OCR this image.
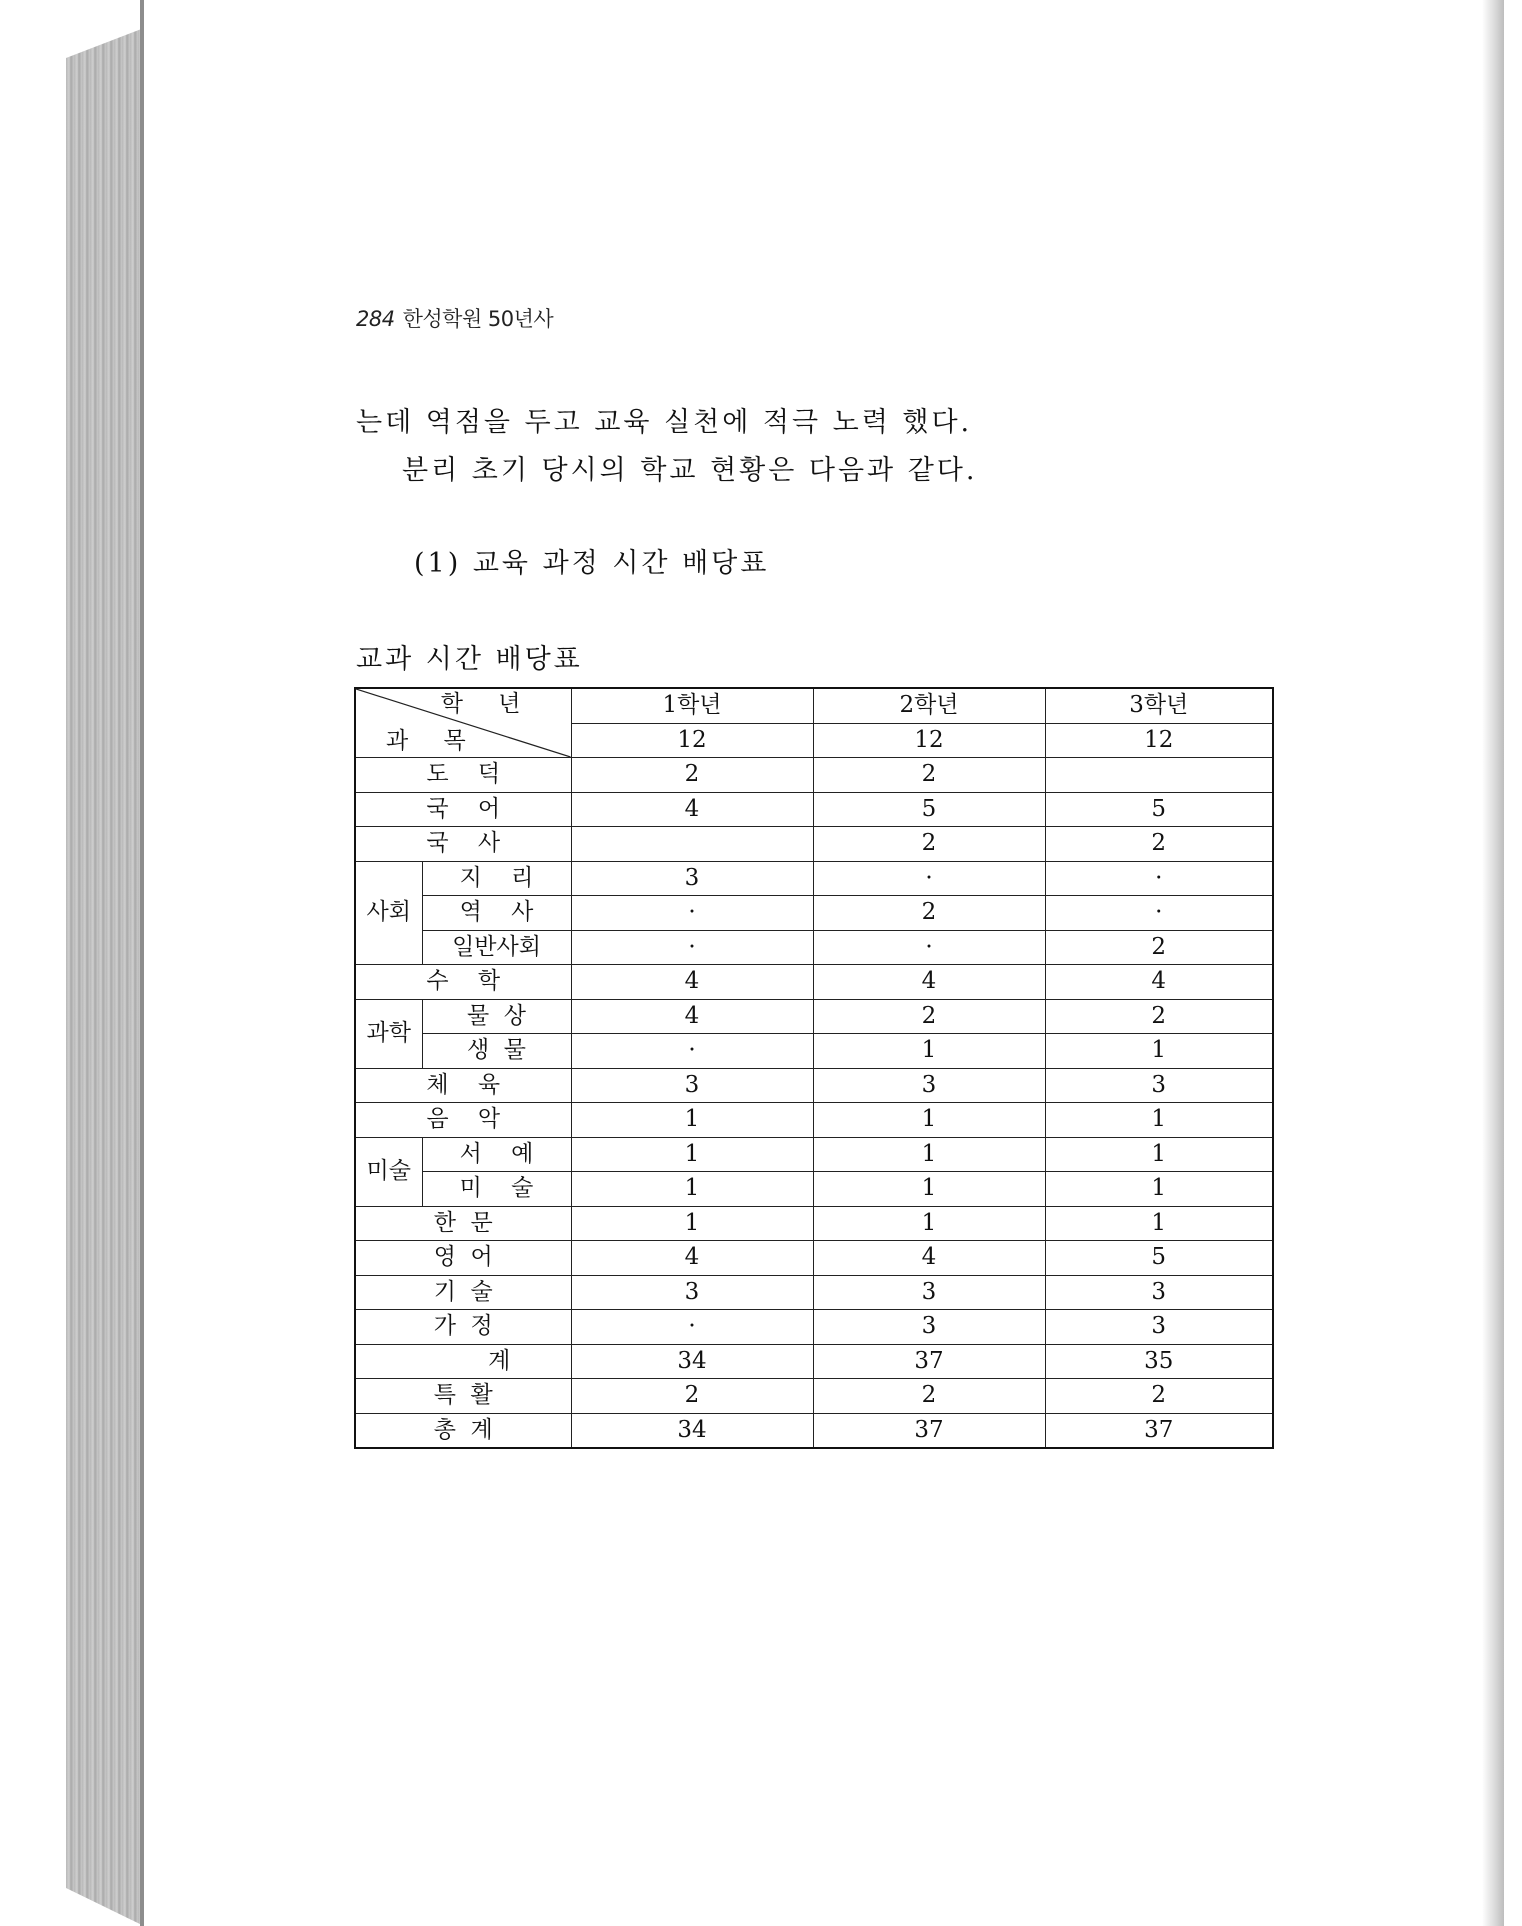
284 한성학원 50년사
는데 역점을 두고 교육 실천에 적극 노력 했다.
분리 초기 당시의 학교 현황은 다음과 같다.
(1) 교육 과정 시간 배당표
교과 시간 배당표
학 년
과 목		1학년	2학년	3학년
		12	12	12
도    덕		2	2	
국    어		4	5	5
국    사			2	2
사회	지    리	3	·	·
	역    사	·	2	·
	일반사회	·	·	2
수    학		4	4	4
과학	물  상	4	2	2
	생  물	·	1	1
체    육		3	3	3
음    악		1	1	1
미술	서    예	1	1	1
	미    술	1	1	1
한  문		1	1	1
영  어		4	4	5
기  술		3	3	3
가  정		·	3	3
계		34	37	35
특  활		2	2	2
총  계		34	37	37
